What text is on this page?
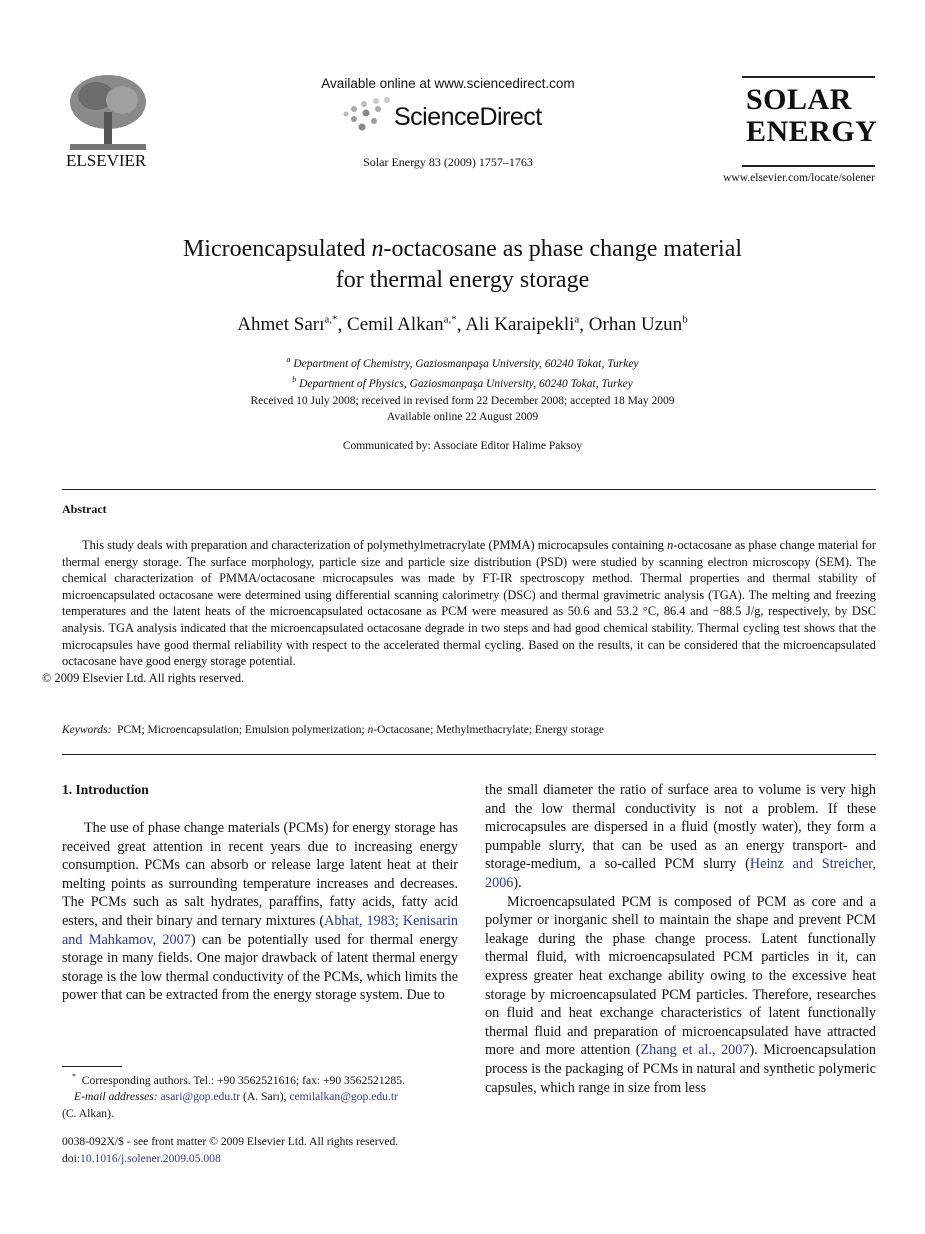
ELSEVIER
Available online at www.sciencedirect.com
ScienceDirect
Solar Energy 83 (2009) 1757–1763
SOLAR
ENERGY
www.elsevier.com/locate/solener
Microencapsulated n-octacosane as phase change material
for thermal energy storage
Ahmet Sarı$^{a,*}$, Cemil Alkan$^{a,*}$, Ali Karaipekli$^a$, Orhan Uzun$^b$
$^a$ Department of Chemistry, Gaziosmanpaşa University, 60240 Tokat, Turkey
$^b$ Department of Physics, Gaziosmanpaşa University, 60240 Tokat, Turkey
Received 10 July 2008; received in revised form 22 December 2008; accepted 18 May 2009
Available online 22 August 2009
Communicated by: Associate Editor Halime Paksoy
Abstract
This study deals with preparation and characterization of polymethylmetracrylate (PMMA) microcapsules containing n-octacosane as phase change material for thermal energy storage. The surface morphology, particle size and particle size distribution (PSD) were studied by scanning electron microscopy (SEM). The chemical characterization of PMMA/octacosane microcapsules was made by FT-IR spectroscopy method. Thermal properties and thermal stability of microencapsulated octacosane were determined using differential scanning calorimetry (DSC) and thermal gravimetric analysis (TGA). The melting and freezing temperatures and the latent heats of the microencapsulated octacosane as PCM were measured as 50.6 and 53.2 °C, 86.4 and −88.5 J/g, respectively, by DSC analysis. TGA analysis indicated that the microencapsulated octacosane degrade in two steps and had good chemical stability. Thermal cycling test shows that the microcapsules have good thermal reliability with respect to the accelerated thermal cycling. Based on the results, it can be considered that the microencapsulated octacosane have good energy storage potential.
© 2009 Elsevier Ltd. All rights reserved.
Keywords: PCM; Microencapsulation; Emulsion polymerization; n-Octacosane; Methylmethacrylate; Energy storage
1. Introduction
The use of phase change materials (PCMs) for energy storage has received great attention in recent years due to increasing energy consumption. PCMs can absorb or release large latent heat at their melting points as surrounding temperature increases and decreases. The PCMs such as salt hydrates, paraffins, fatty acids, fatty acid esters, and their binary and ternary mixtures (Abhat, 1983; Kenisarin and Mahkamov, 2007) can be potentially used for thermal energy storage in many fields. One major drawback of latent thermal energy storage is the low thermal conductivity of the PCMs, which limits the power that can be extracted from the energy storage system. Due to
* Corresponding authors. Tel.: +90 3562521616; fax: +90 3562521285.
E-mail addresses: asari@gop.edu.tr (A. Sarı), cemilalkan@gop.edu.tr
(C. Alkan).
0038-092X/$ - see front matter © 2009 Elsevier Ltd. All rights reserved.
doi:10.1016/j.solener.2009.05.008
the small diameter the ratio of surface area to volume is very high and the low thermal conductivity is not a problem. If these microcapsules are dispersed in a fluid (mostly water), they form a pumpable slurry, that can be used as an energy transport- and storage-medium, a so-called PCM slurry (Heinz and Streicher, 2006).
Microencapsulated PCM is composed of PCM as core and a polymer or inorganic shell to maintain the shape and prevent PCM leakage during the phase change process. Latent functionally thermal fluid, with microencapsulated PCM particles in it, can express greater heat exchange ability owing to the excessive heat storage by microencapsulated PCM particles. Therefore, researches on fluid and heat exchange characteristics of latent functionally thermal fluid and preparation of microencapsulated have attracted more and more attention (Zhang et al., 2007). Microencapsulation process is the packaging of PCMs in natural and synthetic polymeric capsules, which range in size from less
